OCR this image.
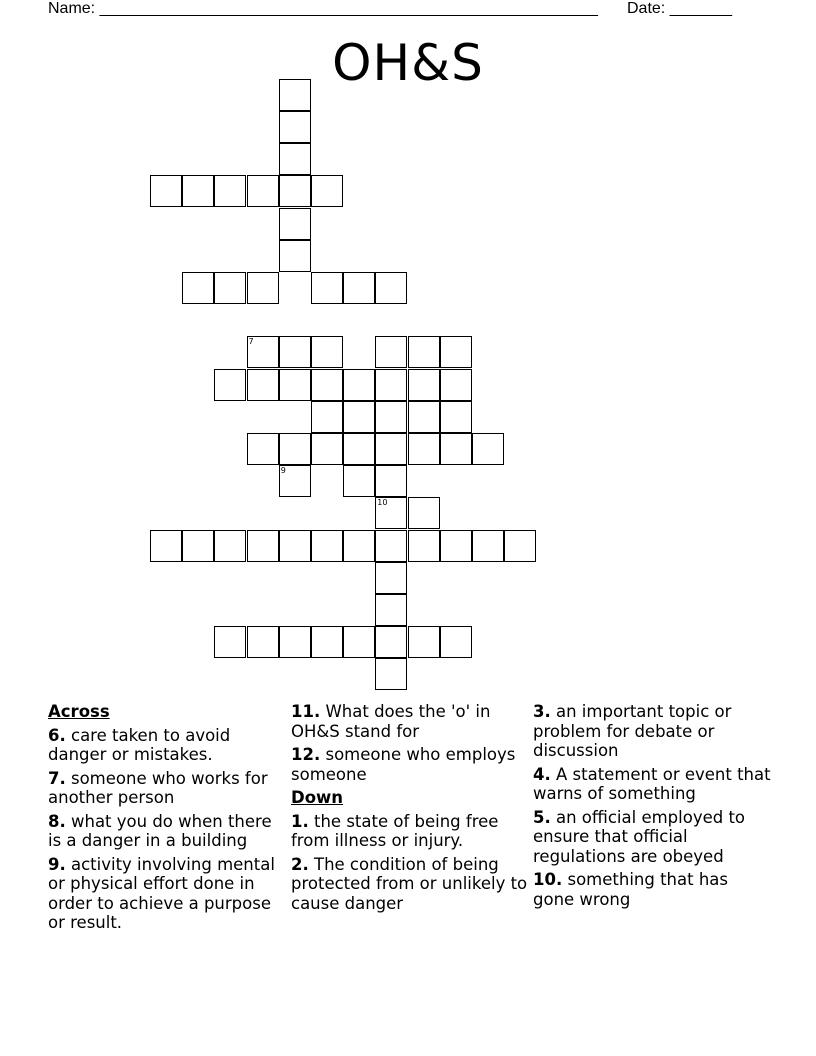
Name: ________________________________________________________ Date: _______
OH&S
7
9
10
Across
6. care taken to avoid danger or mistakes.
7. someone who works for another person
8. what you do when there is a danger in a building
9. activity involving mental or physical effort done in order to achieve a purpose or result.
11. What does the 'o' in OH&S stand for
12. someone who employs someone
Down
1. the state of being free from illness or injury.
2. The condition of being protected from or unlikely to cause danger
3. an important topic or problem for debate or discussion
4. A statement or event that warns of something
5. an official employed to ensure that official regulations are obeyed
10. something that has gone wrong
